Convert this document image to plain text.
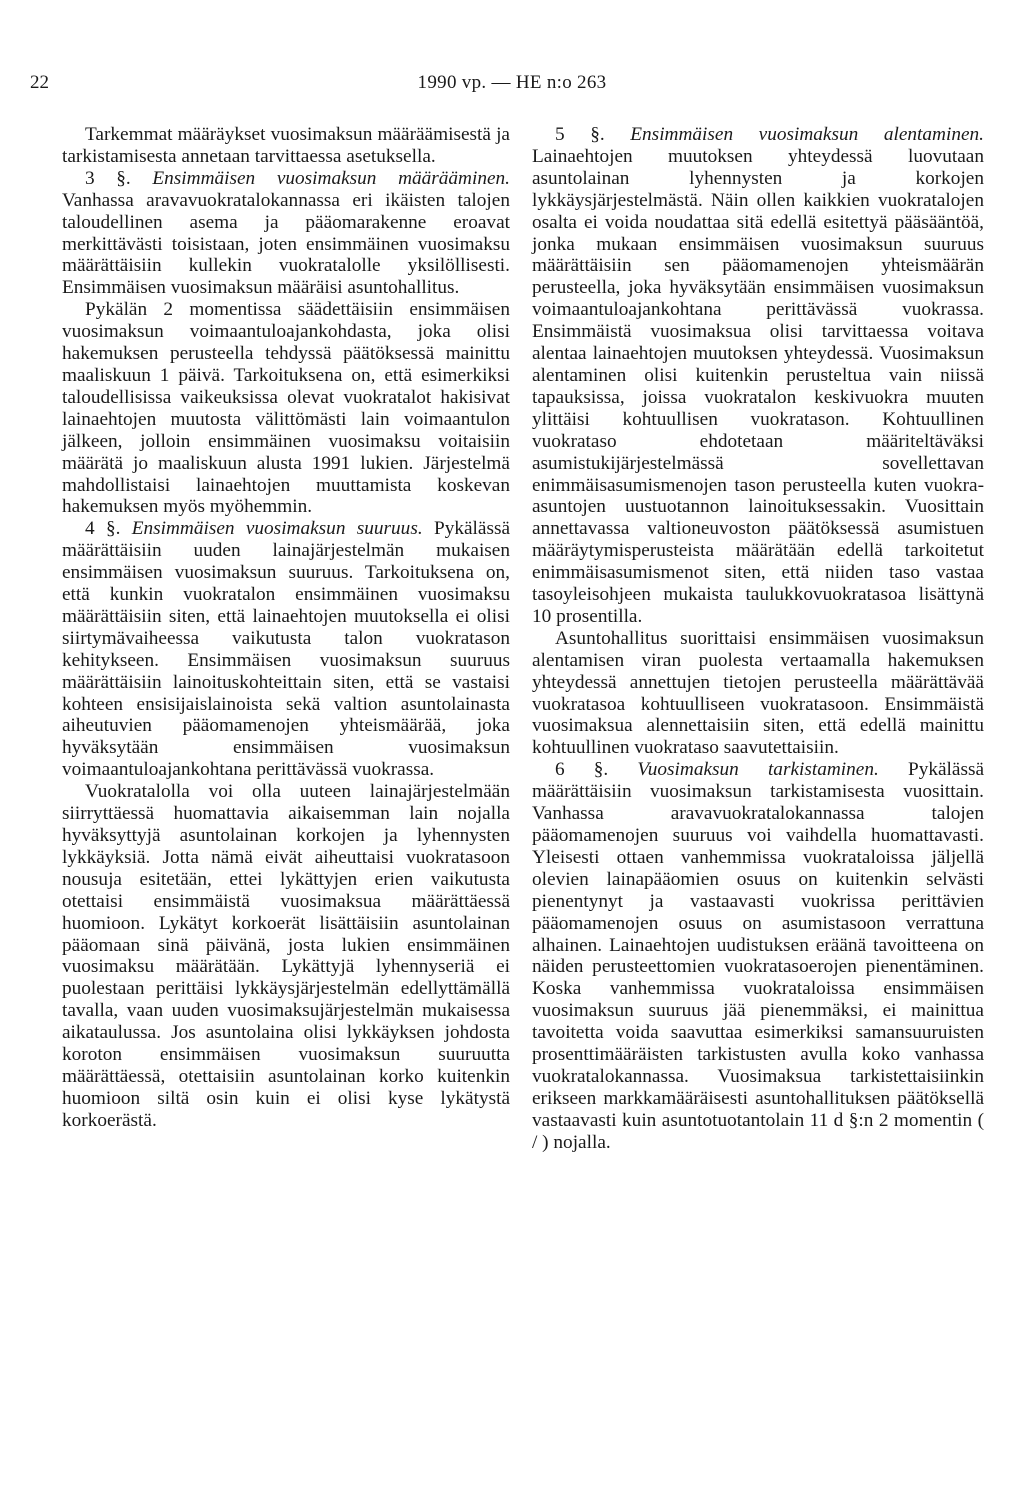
22	1990 vp. — HE n:o 263

Tarkemmat määräykset vuosimaksun määräämisestä ja tarkistamisesta annetaan tarvittaessa asetuksella.

3 §. Ensimmäisen vuosimaksun määrääminen. Vanhassa aravavuokratalokannassa eri ikäisten talojen taloudellinen asema ja pääomarakenne eroavat merkittävästi toisistaan, joten ensimmäinen vuosimaksu määrättäisiin kullekin vuokratalolle yksilöllisesti. Ensimmäisen vuosimaksun määräisi asuntohallitus.

Pykälän 2 momentissa säädettäisiin ensimmäisen vuosimaksun voimaantuloajankohdasta, joka olisi hakemuksen perusteella tehdyssä päätöksessä mainittu maaliskuun 1 päivä. Tarkoituksena on, että esimerkiksi taloudellisissa vaikeuksissa olevat vuokratalot hakisivat lainaehtojen muutosta välittömästi lain voimaantulon jälkeen, jolloin ensimmäinen vuosimaksu voitaisiin määrätä jo maaliskuun alusta 1991 lukien. Järjestelmä mahdollistaisi lainaehtojen muuttamista koskevan hakemuksen myös myöhemmin.

4 §. Ensimmäisen vuosimaksun suuruus. Pykälässä määrättäisiin uuden lainajärjestelmän mukaisen ensimmäisen vuosimaksun suuruus. Tarkoituksena on, että kunkin vuokratalon ensimmäinen vuosimaksu määrättäisiin siten, että lainaehtojen muutoksella ei olisi siirtymävaiheessa vaikutusta talon vuokratason kehitykseen. Ensimmäisen vuosimaksun suuruus määrättäisiin lainoituskohteittain siten, että se vastaisi kohteen ensisijaislainoista sekä valtion asuntolainasta aiheutuvien pääomamenojen yhteismäärää, joka hyväksytään ensimmäisen vuosimaksun voimaantuloajankohtana perittävässä vuokrassa.

Vuokratalolla voi olla uuteen lainajärjestelmään siirryttäessä huomattavia aikaisemman lain nojalla hyväksyttyjä asuntolainan korkojen ja lyhennysten lykkäyksiä. Jotta nämä eivät aiheuttaisi vuokratasoon nousuja esitetään, ettei lykättyjen erien vaikutusta otettaisi ensimmäistä vuosimaksua määrättäessä huomioon. Lykätyt korkoerät lisättäisiin asuntolainan pääomaan sinä päivänä, josta lukien ensimmäinen vuosimaksu määrätään. Lykättyjä lyhennyseriä ei puolestaan perittäisi lykkäysjärjestelmän edellyttämällä tavalla, vaan uuden vuosimaksujärjestelmän mukaisessa aikataulussa. Jos asuntolaina olisi lykkäyksen johdosta koroton ensimmäisen vuosimaksun suuruutta määrättäessä, otettaisiin asuntolainan korko kuitenkin huomioon siltä osin kuin ei olisi kyse lykätystä korkoerästä.

5 §. Ensimmäisen vuosimaksun alentaminen. Lainaehtojen muutoksen yhteydessä luovutaan asuntolainan lyhennysten ja korkojen lykkäysjärjestelmästä. Näin ollen kaikkien vuokratalojen osalta ei voida noudattaa sitä edellä esitettyä pääsääntöä, jonka mukaan ensimmäisen vuosimaksun suuruus määrättäisiin sen pääomamenojen yhteismäärän perusteella, joka hyväksytään ensimmäisen vuosimaksun voimaantuloajankohtana perittävässä vuokrassa. Ensimmäistä vuosimaksua olisi tarvittaessa voitava alentaa lainaehtojen muutoksen yhteydessä. Vuosimaksun alentaminen olisi kuitenkin perusteltua vain niissä tapauksissa, joissa vuokratalon keskivuokra muuten ylittäisi kohtuullisen vuokratason. Kohtuullinen vuokrataso ehdotetaan määriteltäväksi asumistukijärjestelmässä sovellettavan enimmäisasumismenojen tason perusteella kuten vuokra-asuntojen uustuotannon lainoituksessakin. Vuosittain annettavassa valtioneuvoston päätöksessä asumistuen määräytymisperusteista määrätään edellä tarkoitetut enimmäisasumismenot siten, että niiden taso vastaa tasoyleisohjeen mukaista taulukkovuokratasoa lisättynä 10 prosentilla.

Asuntohallitus suorittaisi ensimmäisen vuosimaksun alentamisen viran puolesta vertaamalla hakemuksen yhteydessä annettujen tietojen perusteella määrättävää vuokratasoa kohtuulliseen vuokratasoon. Ensimmäistä vuosimaksua alennettaisiin siten, että edellä mainittu kohtuullinen vuokrataso saavutettaisiin.

6 §. Vuosimaksun tarkistaminen. Pykälässä määrättäisiin vuosimaksun tarkistamisesta vuosittain. Vanhassa aravavuokratalokannassa talojen pääomamenojen suuruus voi vaihdella huomattavasti. Yleisesti ottaen vanhemmissa vuokrataloissa jäljellä olevien lainapääomien osuus on kuitenkin selvästi pienentynyt ja vastaavasti vuokrissa perittävien pääomamenojen osuus on asumistasoon verrattuna alhainen. Lainaehtojen uudistuksen eräänä tavoitteena on näiden perusteettomien vuokratasoerojen pienentäminen. Koska vanhemmissa vuokrataloissa ensimmäisen vuosimaksun suuruus jää pienemmäksi, ei mainittua tavoitetta voida saavuttaa esimerkiksi samansuuruisten prosenttimääräisten tarkistusten avulla koko vanhassa vuokratalokannassa. Vuosimaksua tarkistettaisiinkin erikseen markkamääräisesti asuntohallituksen päätöksellä vastaavasti kuin asuntotuotantolain 11 d §:n 2 momentin ( / ) nojalla.
